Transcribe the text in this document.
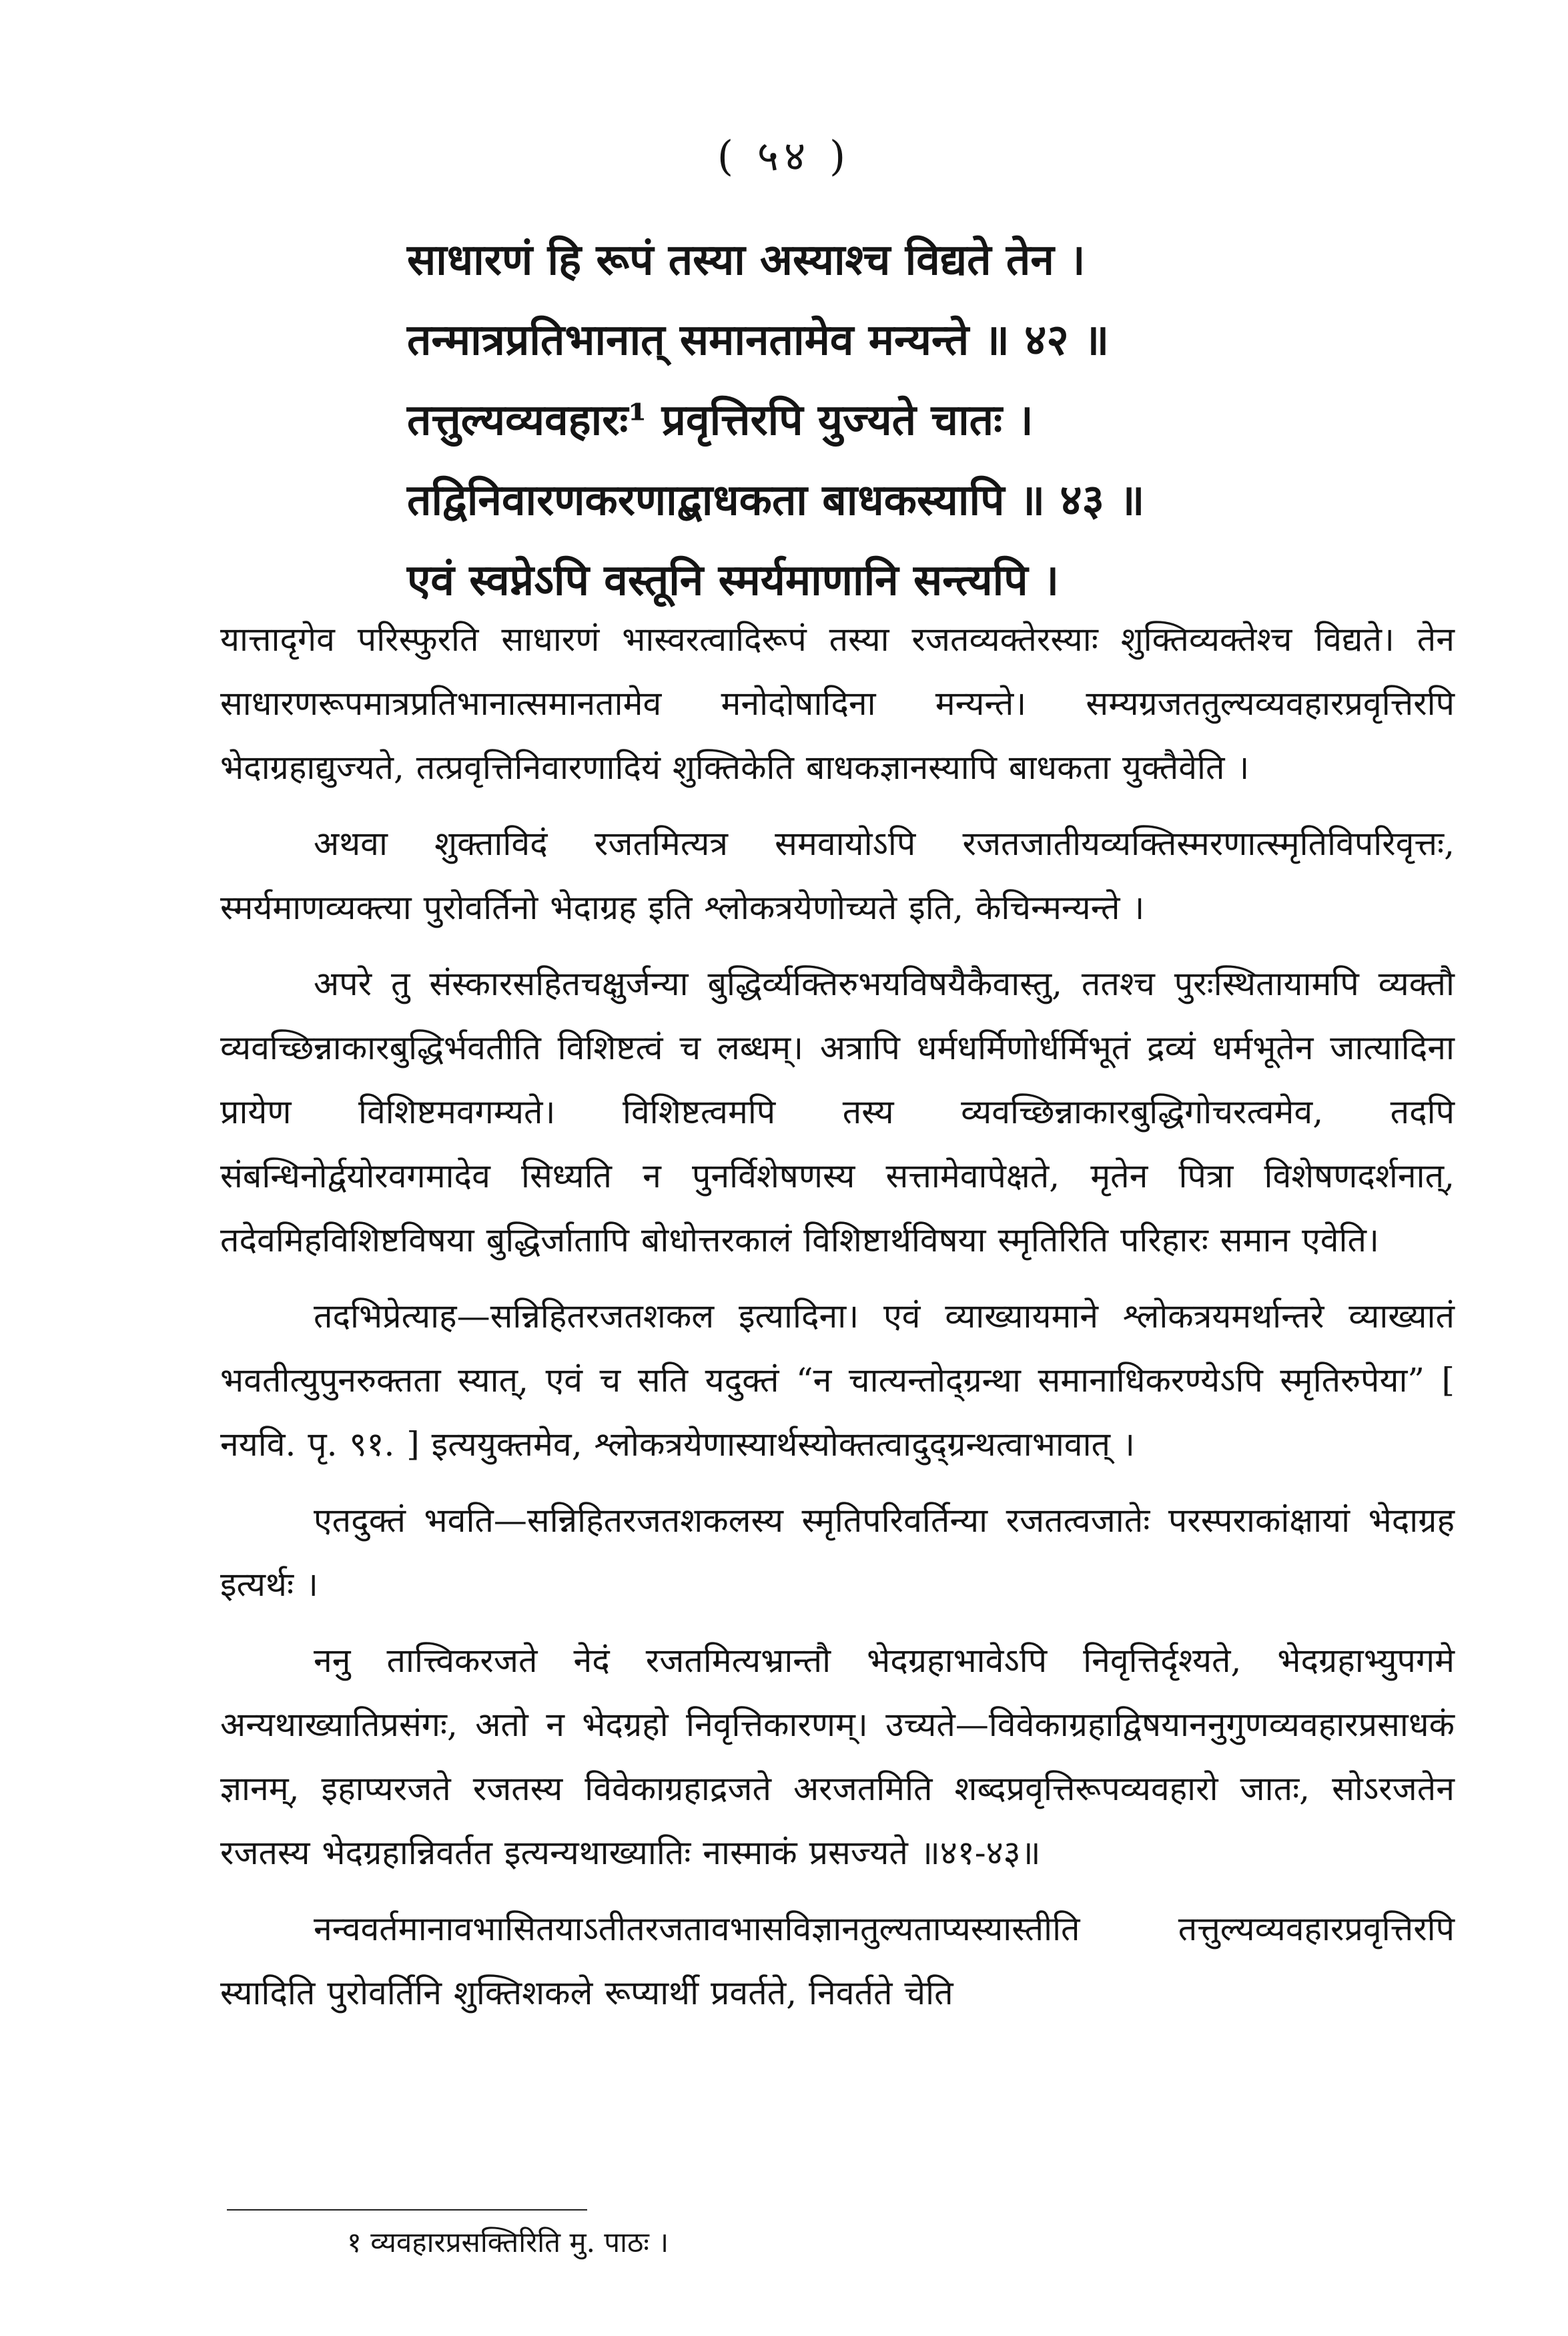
( ५४ )
साधारणं हि रूपं तस्या अस्याश्च विद्यते तेन ।
तन्मात्रप्रतिभानात् समानतामेव मन्यन्ते ॥ ४२ ॥
तत्तुल्यव्यवहारः¹ प्रवृत्तिरपि युज्यते चातः ।
तद्विनिवारणकरणाद्बाधकता बाधकस्यापि ॥ ४३ ॥
एवं स्वप्नेऽपि वस्तूनि स्मर्यमाणानि सन्त्यपि ।

यात्तादृगेव परिस्फुरति साधारणं भास्वरत्वादिरूपं तस्या रजतव्यक्तेरस्याः शुक्तिव्यक्तेश्च विद्यते। तेन साधारणरूपमात्रप्रतिभानात्समानतामेव मनोदोषादिना मन्यन्ते। सम्यग्रजततुल्यव्यवहारप्रवृत्तिरपि भेदाग्रहाद्युज्यते, तत्प्रवृत्तिनिवारणादियं शुक्तिकेति बाधकज्ञानस्यापि बाधकता युक्तैवेति ।

अथवा शुक्ताविदं रजतमित्यत्र समवायोऽपि रजतजातीयव्यक्तिस्मरणात्स्मृतिविपरिवृत्तः, स्मर्यमाणव्यक्त्या पुरोवर्तिनो भेदाग्रह इति श्लोकत्रयेणोच्यते इति, केचिन्मन्यन्ते ।

अपरे तु संस्कारसहितचक्षुर्जन्या बुद्धिर्व्यक्तिरुभयविषयैकैवास्तु, ततश्च पुरःस्थितायामपि व्यक्तौ व्यवच्छिन्नाकारबुद्धिर्भवतीति विशिष्टत्वं च लब्धम्। अत्रापि धर्मधर्मिणोर्धर्मिभूतं द्रव्यं धर्मभूतेन जात्यादिना प्रायेण विशिष्टमवगम्यते। विशिष्टत्वमपि तस्य व्यवच्छिन्नाकारबुद्धिगोचरत्वमेव, तदपि संबन्धिनोर्द्वयोरवगमादेव सिध्यति न पुनर्विशेषणस्य सत्तामेवापेक्षते, मृतेन पित्रा विशेषणदर्शनात्, तदेवमिहविशिष्टविषया बुद्धिर्जातापि बोधोत्तरकालं विशिष्टार्थविषया स्मृतिरिति परिहारः समान एवेति।

तदभिप्रेत्याह—सन्निहितरजतशकल इत्यादिना। एवं व्याख्यायमाने श्लोकत्रयमर्थान्तरे व्याख्यातं भवतीत्युपुनरुक्तता स्यात्, एवं च सति यदुक्तं “न चात्यन्तोद्ग्रन्था समानाधिकरण्येऽपि स्मृतिरुपेया” [ नयवि. पृ. ९१. ] इत्ययुक्तमेव, श्लोकत्रयेणास्यार्थस्योक्तत्वादुद्ग्रन्थत्वाभावात् ।

एतदुक्तं भवति—सन्निहितरजतशकलस्य स्मृतिपरिवर्तिन्या रजतत्वजातेः परस्पराकांक्षायां भेदाग्रह इत्यर्थः ।

ननु तात्त्विकरजते नेदं रजतमित्यभ्रान्तौ भेदग्रहाभावेऽपि निवृत्तिर्दृश्यते, भेदग्रहाभ्युपगमे अन्यथाख्यातिप्रसंगः, अतो न भेदग्रहो निवृत्तिकारणम्। उच्यते—विवेकाग्रहाद्विषयाननुगुणव्यवहारप्रसाधकं ज्ञानम्, इहाप्यरजते रजतस्य विवेकाग्रहाद्रजते अरजतमिति शब्दप्रवृत्तिरूपव्यवहारो जातः, सोऽरजतेन रजतस्य भेदग्रहान्निवर्तत इत्यन्यथाख्यातिः नास्माकं प्रसज्यते ॥४१-४३॥

नन्ववर्तमानावभासितयाऽतीतरजतावभासविज्ञानतुल्यताप्यस्यास्तीति तत्तुल्यव्यवहारप्रवृत्तिरपि स्यादिति पुरोवर्तिनि शुक्तिशकले रूप्यार्थी प्रवर्तते, निवर्तते चेति

१ व्यवहारप्रसक्तिरिति मु. पाठः ।
